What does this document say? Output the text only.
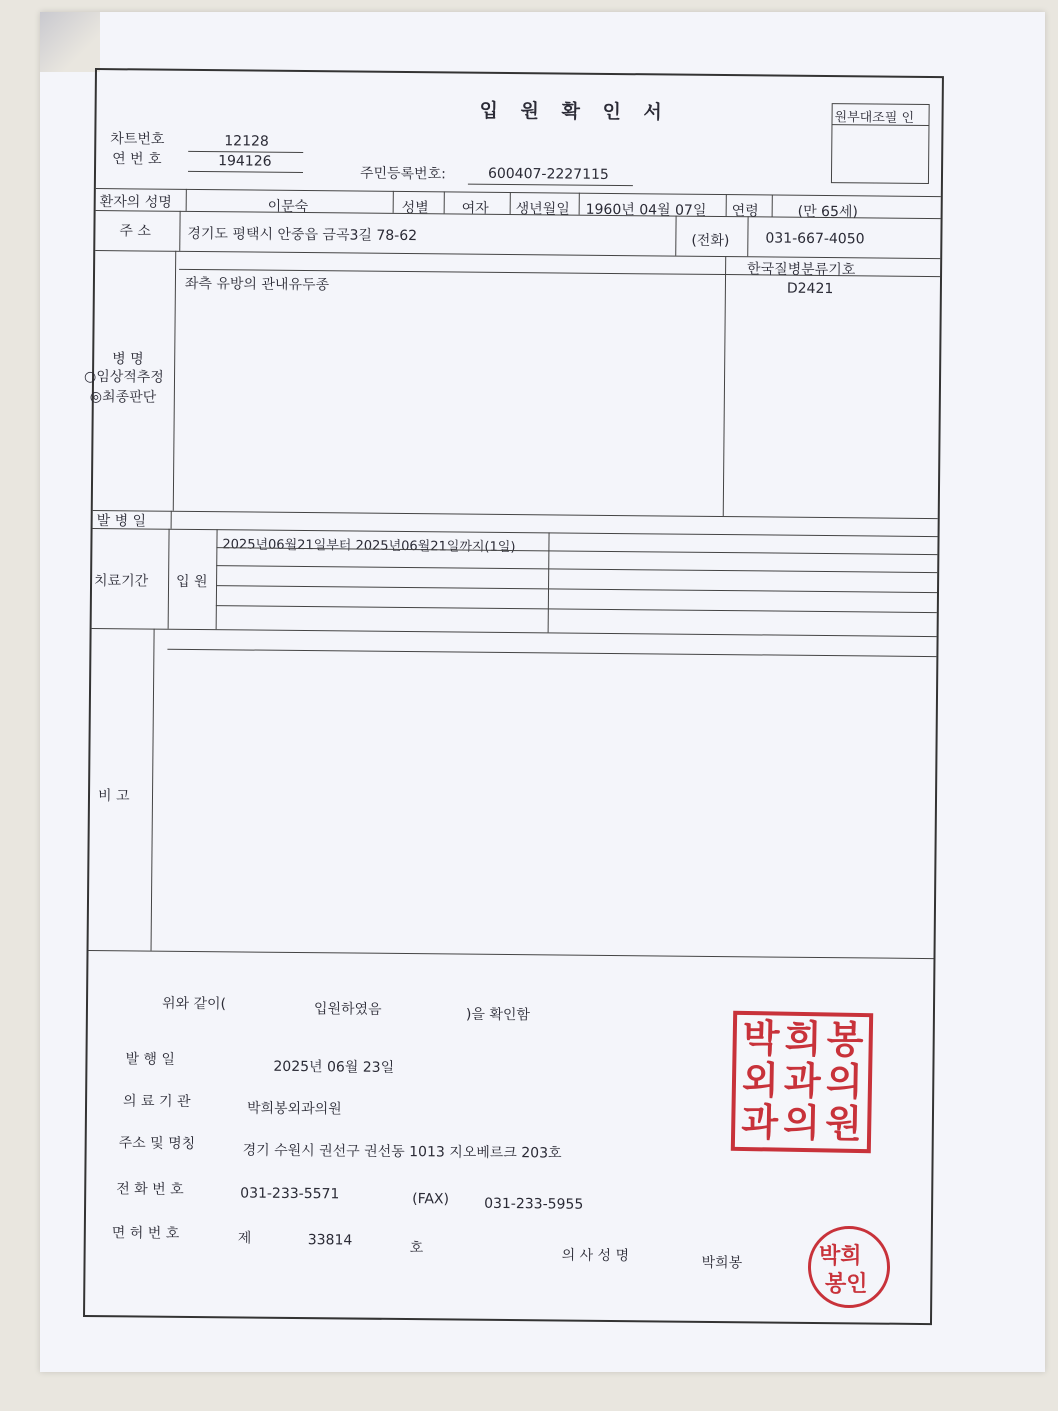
입 원 확 인 서	원부대조필 인
차트번호	12128
연 번 호	194126
주민등록번호:	600407-2227115
환자의 성명	이문숙	성별 여자 생년월일 1960년 04월 07일 연령	(만 65세)
주 소	경기도 평택시 안중읍 금곡3길 78-62	(전화)	031-667-4050
한국질병분류기호
좌측 유방의 관내유두종	D2421
병 명
○임상적추정
◎최종판단
발 병 일
치료기간 입 원
2025년06월21일부터 2025년06월21일까지(1일)
비 고
위와 같이(	입원하였음	)을 확인함
발 행 일	2025년 06월 23일
의 료 기 관	박희봉외과의원
주소 및 명칭	경기 수원시 권선구 권선동 1013 지오베르크 203호
전 화 번 호	031-233-5571	(FAX) 031-233-5955
면 허 번 호	제	33814	호	의 사 성 명	박희봉
박 희 봉
외 과 의
과 의 원
박희
봉인
